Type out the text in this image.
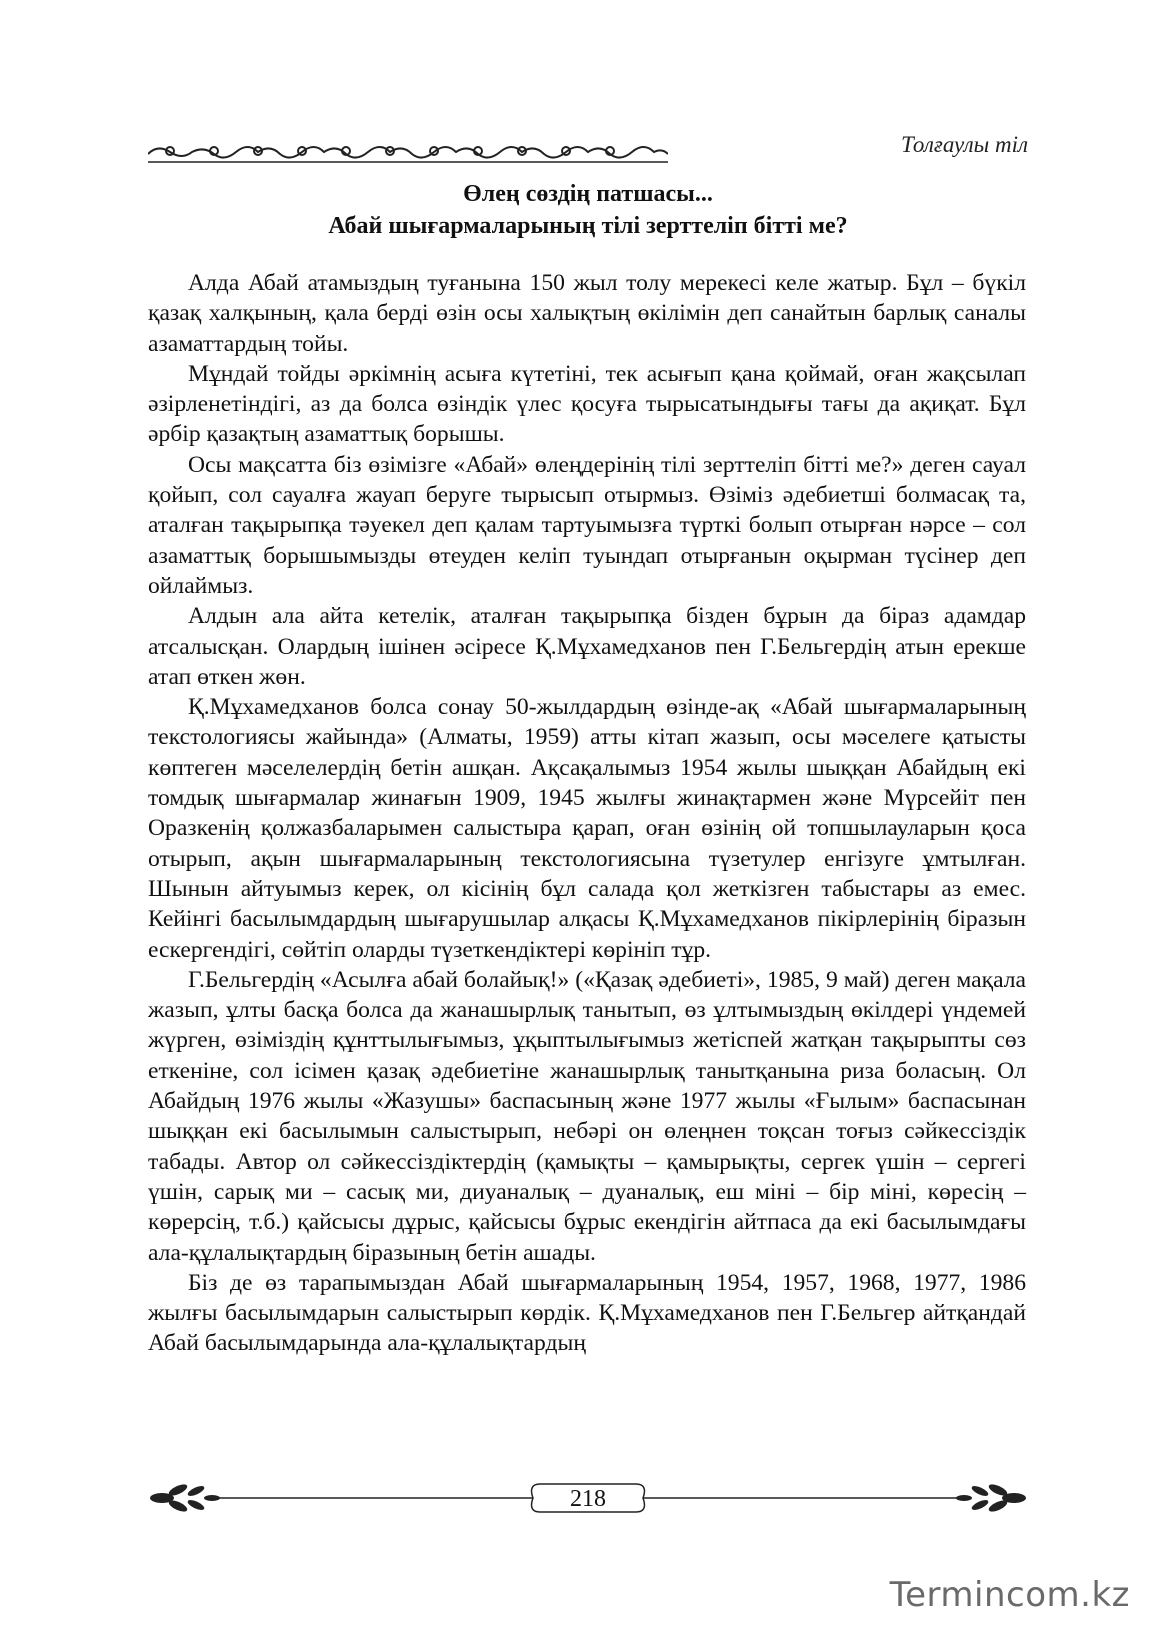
Толғаулы тіл
Өлең сөздің патшасы...
Абай шығармаларының тілі зерттеліп бітті ме?

Алда Абай атамыздың туғанына 150 жыл толу мерекесі келе жатыр. Бұл – бүкіл қазақ халқының, қала берді өзін осы халықтың өкілімін деп санайтын барлық саналы азаматтардың тойы.

Мұндай тойды әркімнің асыға күтетіні, тек асығып қана қоймай, оған жақсылап әзірленетіндігі, аз да болса өзіндік үлес қосуға тырысатындығы тағы да ақиқат. Бұл әрбір қазақтың азаматтық борышы.

Осы мақсатта біз өзімізге «Абай» өлеңдерінің тілі зерттеліп бітті ме?» деген сауал қойып, сол сауалға жауап беруге тырысып отырмыз. Өзіміз әдебиетші болмасақ та, аталған тақырыпқа тәуекел деп қалам тартуымызға түрткі болып отырған нәрсе – сол азаматтық борышымызды өтеуден келіп туындап отырғанын оқырман түсінер деп ойлаймыз.

Алдын ала айта кетелік, аталған тақырыпқа бізден бұрын да біраз адамдар атсалысқан. Олардың ішінен әсіресе Қ.Мұхамедханов пен Г.Бельгердің атын ерекше атап өткен жөн.

Қ.Мұхамедханов болса сонау 50-жылдардың өзінде-ақ «Абай шығармаларының текстологиясы жайында» (Алматы, 1959) атты кітап жазып, осы мәселеге қатысты көптеген мәселелердің бетін ашқан. Ақсақалымыз 1954 жылы шыққан Абайдың екі томдық шығармалар жинағын 1909, 1945 жылғы жинақтармен және Мүрсейіт пен Оразкенің қолжазбаларымен салыстыра қарап, оған өзінің ой топшылауларын қоса отырып, ақын шығармаларының текстологиясына түзетулер енгізуге ұмтылған. Шынын айтуымыз керек, ол кісінің бұл салада қол жеткізген табыстары аз емес. Кейінгі басылымдардың шығарушылар алқасы Қ.Мұхамедханов пікірлерінің біразын ескергендігі, сөйтіп оларды түзеткендіктері көрініп тұр.

Г.Бельгердің «Асылға абай болайық!» («Қазақ әдебиеті», 1985, 9 май) деген мақала жазып, ұлты басқа болса да жанашырлық танытып, өз ұлтымыздың өкілдері үндемей жүрген, өзіміздің құнттылығымыз, ұқыптылығымыз жетіспей жатқан тақырыпты сөз еткеніне, сол ісімен қазақ әдебиетіне жанашырлық танытқанына риза боласың. Ол Абайдың 1976 жылы «Жазушы» баспасының және 1977 жылы «Ғылым» баспасынан шыққан екі басылымын салыстырып, небәрі он өлеңнен тоқсан тоғыз сәйкессіздік табады. Автор ол сәйкессіздіктердің (қамықты – қамырықты, сергек үшін – сергегі үшін, сарық ми – сасық ми, диуаналық – дуаналық, еш міні – бір міні, көресің – көрерсің, т.б.) қайсысы дұрыс, қайсысы бұрыс екендігін айтпаса да екі басылымдағы ала-құлалықтардың біразының бетін ашады.

Біз де өз тарапымыздан Абай шығармаларының 1954, 1957, 1968, 1977, 1986 жылғы басылымдарын салыстырып көрдік. Қ.Мұхамедханов пен Г.Бельгер айтқандай Абай басылымдарында ала-құлалықтардың

218
Termincom.kz
